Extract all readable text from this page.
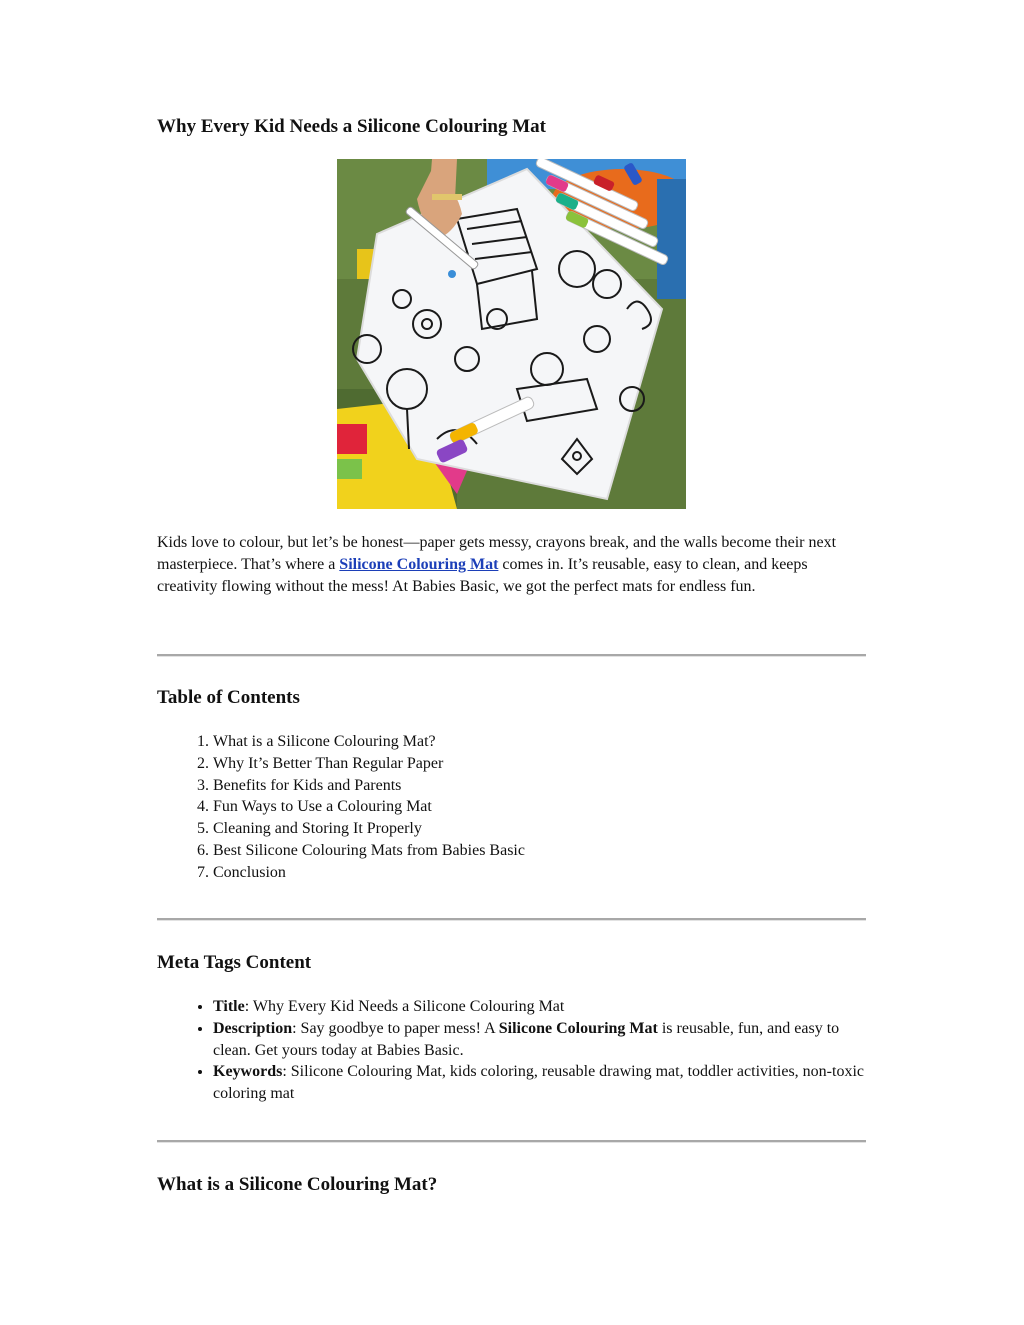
Why Every Kid Needs a Silicone Colouring Mat

Kids love to colour, but let’s be honest—paper gets messy, crayons break, and the walls become their next masterpiece. That’s where a Silicone Colouring Mat comes in. It’s reusable, easy to clean, and keeps creativity flowing without the mess! At Babies Basic, we got the perfect mats for endless fun.

Table of Contents
1. What is a Silicone Colouring Mat?
2. Why It’s Better Than Regular Paper
3. Benefits for Kids and Parents
4. Fun Ways to Use a Colouring Mat
5. Cleaning and Storing It Properly
6. Best Silicone Colouring Mats from Babies Basic
7. Conclusion
Meta Tags Content
• Title: Why Every Kid Needs a Silicone Colouring Mat
• Description: Say goodbye to paper mess! A Silicone Colouring Mat is reusable, fun, and easy to clean. Get yours today at Babies Basic.
• Keywords: Silicone Colouring Mat, kids coloring, reusable drawing mat, toddler activities, non-toxic coloring mat
What is a Silicone Colouring Mat?
